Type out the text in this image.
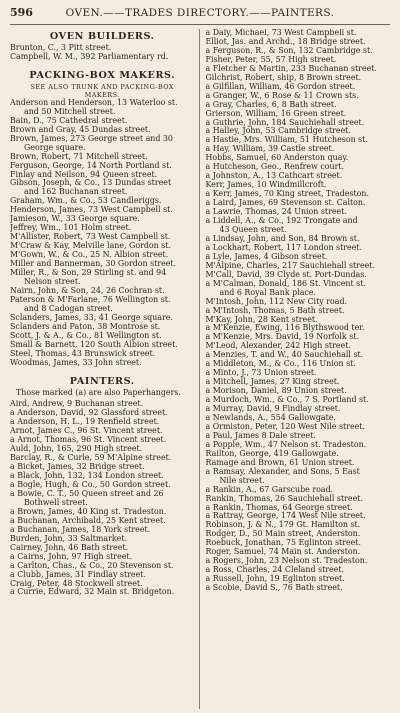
596	OVEN.——TRADES DIRECTORY.——PAINTERS.
OVEN BUILDERS.
Brunton, C., 3 Pitt street.
Campbell, W. M., 392 Parliamentary rd.
PACKING-BOX MAKERS.
SEE ALSO TRUNK AND PACKING-BOX
MAKERS.
Anderson and Henderson, 13 Waterloo st.
and 50 Mitchell street.
Bain, D., 75 Cathedral street.
Brown and Gray, 45 Dundas street.
Brown, James, 273 George street and 30
George square.
Brown, Robert, 71 Mitchell street.
Ferguson, George, 14 North Portland st.
Finlay and Neilson, 94 Queen street.
Gibson, Joseph, & Co., 13 Dundas street
and 162 Buchanan street.
Graham, Wm., & Co., 53 Candleriggs.
Henderson, James, 73 West Campbell st.
Jamieson, W., 33 George square.
Jeffrey, Wm., 101 Holm street.
M'Allister, Robert, 73 West Campbell st.
M'Craw & Kay, Melville lane, Gordon st.
M'Gown, W., & Co., 25 N. Albion street.
Miller and Bannerman, 30 Gordon street.
Miller, R., & Son, 29 Stirling st. and 94
Nelson street.
Nairn, John, & Son, 24, 26 Cochran st.
Paterson & M'Farlane, 76 Wellington st.
and 8 Cadogan street.
Sclanders, James, 33, 41 George square.
Sclanders and Paton, 38 Montrose st.
Scott, J. & A., & Co., 81 Wellington st.
Small & Barnett, 120 South Albion street.
Steel, Thomas, 43 Brunswick street.
Woodmas, James, 33 John street.
PAINTERS.
Those marked (a) are also Paperhangers.
Aird, Andrew, 9 Buchanan street.
a Anderson, David, 92 Glassford street.
a Anderson, H. L., 19 Renfield street.
Arnot, James C., 96 St. Vincent street.
a Arnot, Thomas, 96 St. Vincent street.
Auld, John, 165, 290 High street.
Barclay, R., & Curle, 59 M'Alpine street.
a Bicket, James, 32 Bridge street.
a Black, John, 132, 134 London street.
a Bogle, Hugh, & Co., 50 Gordon street.
a Bowie, C. T., 50 Queen street and 26
Bothwell street.
a Brown, James, 40 King st. Tradeston.
a Buchanan, Archibald, 25 Kent street.
a Buchanan, James, 18 York street.
Burden, John, 33 Saltmarket.
Cairney, John, 46 Bath street.
a Cairns, John, 97 High street.
a Carlton, Chas., & Co., 20 Stevenson st.
a Clubb, James, 31 Findlay street.
Craig, Peter, 48 Stockwell street.
a Currie, Edward, 32 Main st. Bridgeton.
a Daly, Michael, 73 West Campbell st.
Elliot, Jas. and Archd., 18 Bridge street.
a Ferguson, R., & Son, 132 Cambridge st.
Fisher, Peter, 55, 57 High street.
a Fletcher & Martin, 233 Buchanan street.
Gilchrist, Robert, ship, 8 Brown street.
a Gilfillan, William, 46 Gordon street.
a Granger, W., 6 Rose & 11 Crown sts.
a Gray, Charles, 6, 8 Bath street.
Grierson, William, 16 Green street.
a Guthrie, John, 184 Sauchiehall street.
a Halley, John, 53 Cambridge street.
a Hastie, Mrs. William, 51 Hutcheson st.
a Hay, William, 39 Castle street.
Hobbs, Samuel, 60 Anderston quay.
a Hutcheson, Geo., Renfrew court.
a Johnston, A., 13 Cathcart street.
Kerr, James, 10 Windmillcroft.
a Kerr, James, 70 King street, Tradeston.
a Laird, James, 69 Stevenson st. Calton.
a Lawrie, Thomas, 24 Union street.
a Liddell, A., & Co., 192 Trongate and
43 Queen street.
a Lindsay, John, and Son, 84 Brown st.
a Lockhart, Robert, 117 London street.
a Lyle, James, 4 Gibson street.
M'Alpine, Charles, 217 Sauchiehall street.
M'Call, David, 39 Clyde st. Port-Dundas.
a M'Calman, Donald, 186 St. Vincent st.
and 6 Royal Bank place.
M'Intosh, John, 112 New City road.
a M'Intosh, Thomas, 5 Bath street.
M'Kay, John, 28 Kent street.
a M'Kenzie, Ewing, 116 Blythswood ter.
a M'Kenzie, Mrs. David, 19 Norfolk st.
M'Leod, Alexander, 242 High street.
a Menzies, T. and W., 40 Sauchiehall st.
a Middleton, M., & Co., 116 Union st.
a Minto, J., 73 Union street.
a Mitchell, James, 27 King street.
a Morison, Daniel, 89 Union street.
a Murdoch, Wm., & Co., 7 S. Portland st.
a Murray, David, 9 Findlay street.
a Newlands, A., 554 Gallowgate.
a Ormiston, Peter, 120 West Nile street.
a Paul, James 8 Dale street.
a Popple, Wm., 47 Nelson st. Tradeston.
Railton, George, 419 Gallowgate.
Ramage and Brown, 61 Union street.
a Ramsay, Alexander, and Sons, 5 East
Nile street.
a Rankin, A., 67 Garscube road.
Rankin, Thomas, 26 Sauchiehall street.
a Rankin, Thomas, 64 George street.
a Rattray, George, 174 West Nile street.
Robinson, J. & N., 179 Gt. Hamilton st.
Rodger, D., 50 Main street, Anderston.
Roebuck, Jonathan, 75 Eglinton street.
Roger, Samuel, 74 Main st. Anderston.
a Rogers, John, 23 Nelson st. Tradeston.
a Ross, Charles, 24 Cleland street.
a Russell, John, 19 Eglinton street.
a Scobie, David S., 76 Bath street.
